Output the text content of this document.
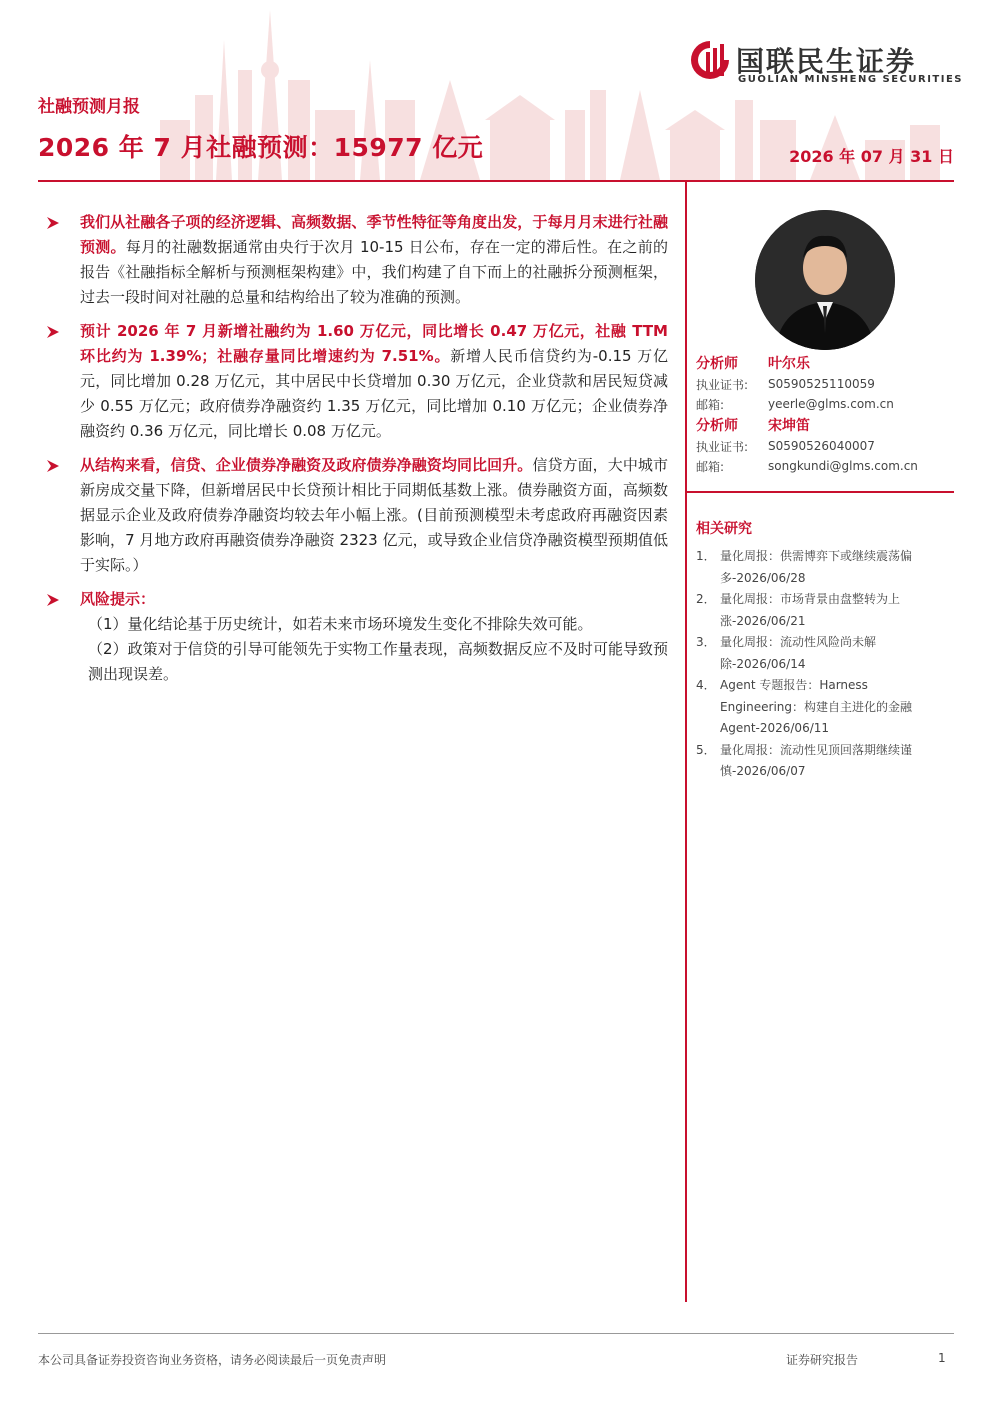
社融预测月报
2026 年 7 月社融预测：15977 亿元	2026 年 07 月 31 日
国联民生证券
GUOLIAN MINSHENG SECURITIES
我们从社融各子项的经济逻辑、高频数据、季节性特征等角度出发，于每月月末进行社融预测。每月的社融数据通常由央行于次月 10-15 日公布，存在一定的滞后性。在之前的报告《社融指标全解析与预测框架构建》中，我们构建了自下而上的社融拆分预测框架，过去一段时间对社融的总量和结构给出了较为准确的预测。
预计 2026 年 7 月新增社融约为 1.60 万亿元，同比增长 0.47 万亿元，社融 TTM 环比约为 1.39%；社融存量同比增速约为 7.51%。新增人民币信贷约为-0.15 万亿元，同比增加 0.28 万亿元，其中居民中长贷增加 0.30 万亿元，企业贷款和居民短贷减少 0.55 万亿元；政府债券净融资约 1.35 万亿元，同比增加 0.10 万亿元；企业债券净融资约 0.36 万亿元，同比增长 0.08 万亿元。
从结构来看，信贷、企业债券净融资及政府债券净融资均同比回升。信贷方面，大中城市新房成交量下降，但新增居民中长贷预计相比于同期低基数上涨。债券融资方面，高频数据显示企业及政府债券净融资均较去年小幅上涨。(目前预测模型未考虑政府再融资因素影响，7 月地方政府再融资债券净融资 2323 亿元，或导致企业信贷净融资模型预期值低于实际。）
风险提示：
（1）量化结论基于历史统计，如若未来市场环境发生变化不排除失效可能。
（2）政策对于信贷的引导可能领先于实物工作量表现，高频数据反应不及时可能导致预测出现误差。
分析师	叶尔乐
执业证书:	S0590525110059
邮箱:	yeerle@glms.com.cn
分析师	宋坤笛
执业证书:	S0590526040007
邮箱:	songkundi@glms.com.cn
相关研究
1． 量化周报：供需博弈下或继续震荡偏多-2026/06/28
2． 量化周报：市场背景由盘整转为上涨-2026/06/21
3． 量化周报：流动性风险尚未解除-2026/06/14
4． Agent 专题报告：Harness Engineering：构建自主进化的金融 Agent-2026/06/11
5． 量化周报：流动性见顶回落期继续谨慎-2026/06/07
本公司具备证券投资咨询业务资格，请务必阅读最后一页免责声明	证券研究报告	1
